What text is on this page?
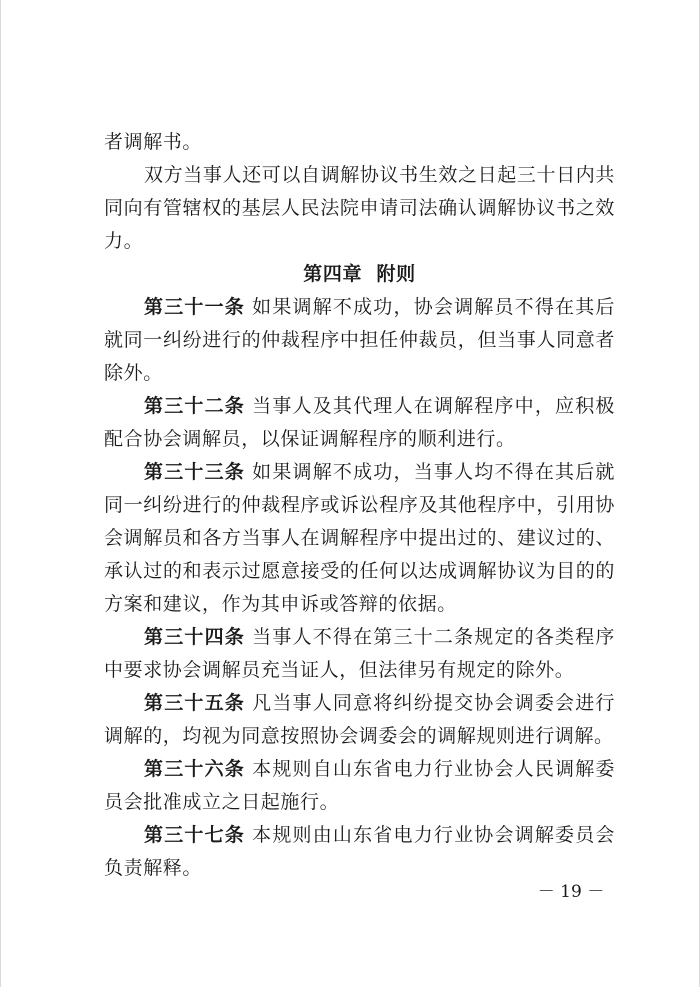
者调解书。

双方当事人还可以自调解协议书生效之日起三十日内共同向有管辖权的基层人民法院申请司法确认调解协议书之效力。

第四章  附则

第三十一条 如果调解不成功，协会调解员不得在其后就同一纠纷进行的仲裁程序中担任仲裁员，但当事人同意者除外。

第三十二条 当事人及其代理人在调解程序中，应积极配合协会调解员，以保证调解程序的顺利进行。

第三十三条 如果调解不成功，当事人均不得在其后就同一纠纷进行的仲裁程序或诉讼程序及其他程序中，引用协会调解员和各方当事人在调解程序中提出过的、建议过的、承认过的和表示过愿意接受的任何以达成调解协议为目的的方案和建议，作为其申诉或答辩的依据。

第三十四条 当事人不得在第三十二条规定的各类程序中要求协会调解员充当证人，但法律另有规定的除外。

第三十五条 凡当事人同意将纠纷提交协会调委会进行调解的，均视为同意按照协会调委会的调解规则进行调解。

第三十六条 本规则自山东省电力行业协会人民调解委员会批准成立之日起施行。

第三十七条 本规则由山东省电力行业协会调解委员会负责解释。

－ 19 －
